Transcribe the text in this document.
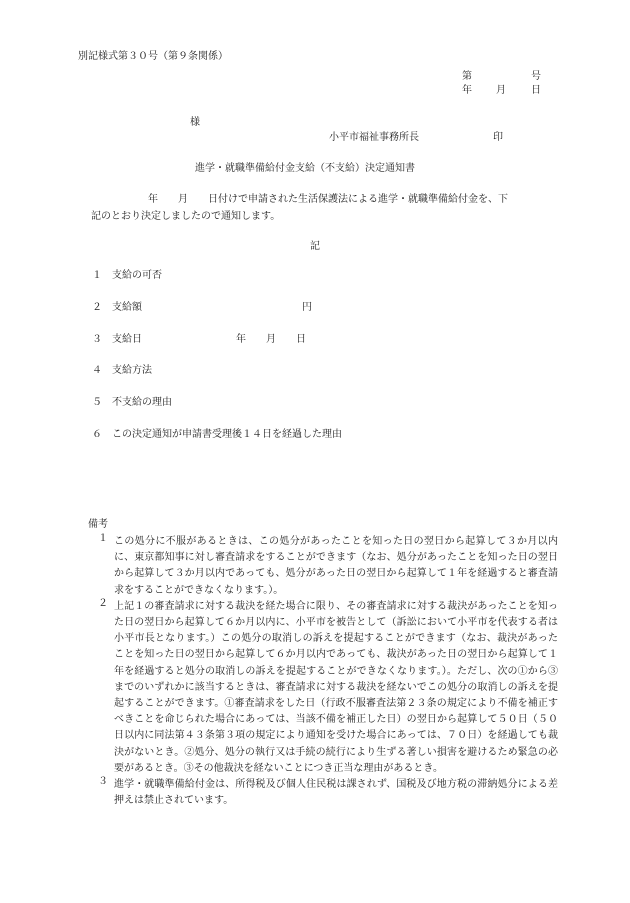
別記様式第３０号（第９条関係）
第	号
年 月	日
様
小平市福祉事務所長	印
進学・就職準備給付金支給（不支給）決定通知書
年　　月　　日付けで申請された生活保護法による進学・就職準備給付金を、下
記のとおり決定しましたので通知します。
記
１ 支給の可否
２ 支給額	円
３ 支給日	年　　月　　日
４ 支給方法
５ 不支給の理由
６ この決定通知が申請書受理後１４日を経過した理由
備考
１ この処分に不服があるときは、この処分があったことを知った日の翌日から起算して３か月以内に、東京都知事に対し審査請求をすることができます（なお、処分があったことを知った日の翌日から起算して３か月以内であっても、処分があった日の翌日から起算して１年を経過すると審査請求をすることができなくなります。）。
２ 上記１の審査請求に対する裁決を経た場合に限り、その審査請求に対する裁決があったことを知った日の翌日から起算して６か月以内に、小平市を被告として（訴訟において小平市を代表する者は小平市長となります。）この処分の取消しの訴えを提起することができます（なお、裁決があったことを知った日の翌日から起算して６か月以内であっても、裁決があった日の翌日から起算して１年を経過すると処分の取消しの訴えを提起することができなくなります。）。ただし、次の①から③までのいずれかに該当するときは、審査請求に対する裁決を経ないでこの処分の取消しの訴えを提起することができます。①審査請求をした日（行政不服審査法第２３条の規定により不備を補正すべきことを命じられた場合にあっては、当該不備を補正した日）の翌日から起算して５０日（５０日以内に同法第４３条第３項の規定により通知を受けた場合にあっては、７０日）を経過しても裁決がないとき。②処分、処分の執行又は手続の続行により生ずる著しい損害を避けるため緊急の必要があるとき。③その他裁決を経ないことにつき正当な理由があるとき。
３ 進学・就職準備給付金は、所得税及び個人住民税は課されず、国税及び地方税の滞納処分による差押えは禁止されています。
